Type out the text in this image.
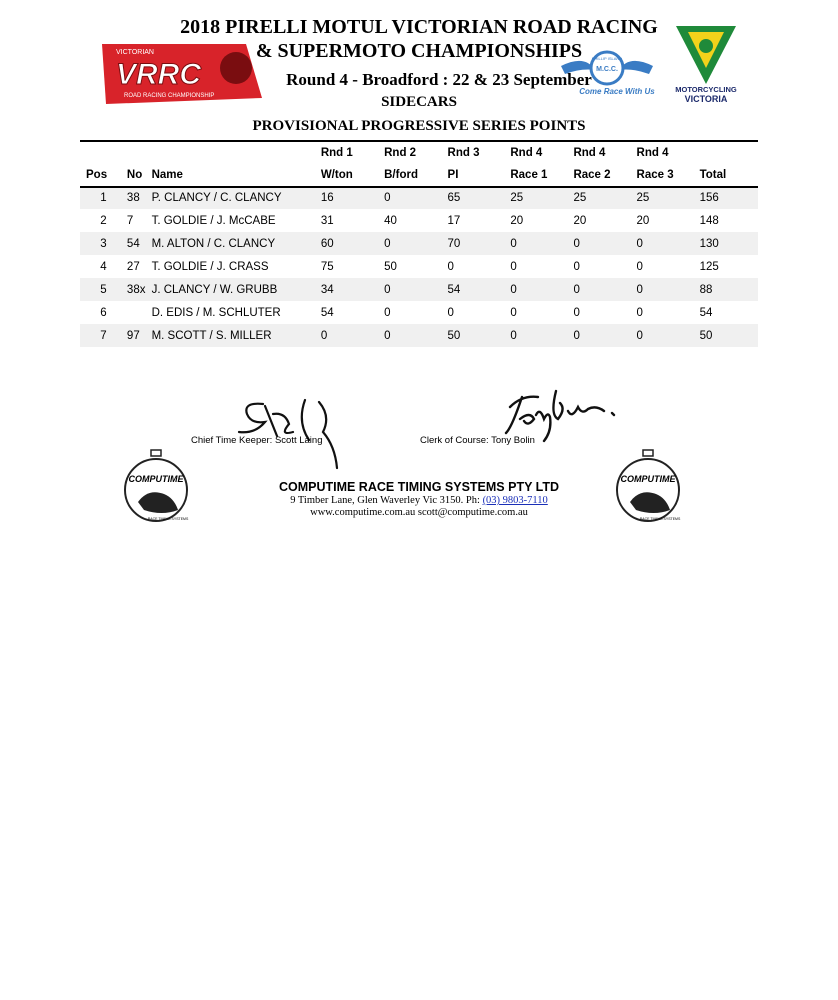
2018 PIRELLI MOTUL VICTORIAN ROAD RACING
& SUPERMOTO CHAMPIONSHIPS
Round 4 - Broadford : 22 & 23 September
SIDECARS
PROVISIONAL PROGRESSIVE SERIES POINTS
VICTORIAN
VRRC
ROAD RACING CHAMPIONSHIP
PHILLIP ISLAND
M.C.C.
Come Race With Us	MOTORCYCLING
VICTORIA
			Rnd 1	Rnd 2	Rnd 3	Rnd 4	Rnd 4	Rnd 4	
Pos	No	Name	W/ton	B/ford	PI	Race 1	Race 2	Race 3	Total
1	38	P. CLANCY / C. CLANCY	16	0	65	25	25	25	156
2	7	T. GOLDIE / J. McCABE	31	40	17	20	20	20	148
3	54	M. ALTON / C. CLANCY	60	0	70	0	0	0	130
4	27	T. GOLDIE / J. CRASS	75	50	0	0	0	0	125
5	38x	J. CLANCY / W. GRUBB	34	0	54	0	0	0	88
6		D. EDIS / M. SCHLUTER	54	0	0	0	0	0	54
7	97	M. SCOTT / S. MILLER	0	0	50	0	0	0	50
Chief Time Keeper: Scott Laing	Clerk of Course: Tony Bolin
COMPUTIME
RACE TIMING SYSTEMS
COMPUTIME
RACE TIMING SYSTEMS
COMPUTIME RACE TIMING SYSTEMS PTY LTD
9 Timber Lane, Glen Waverley Vic 3150. Ph: (03) 9803-7110
www.computime.com.au scott@computime.com.au
